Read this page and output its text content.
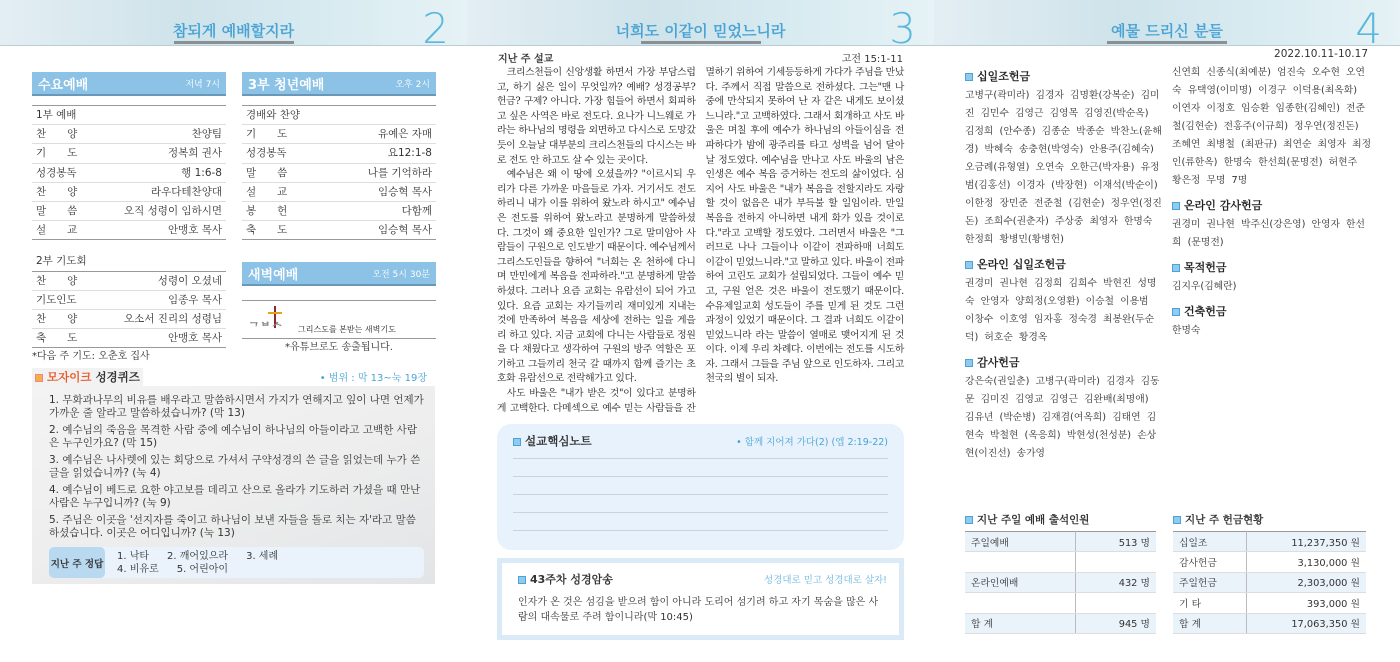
참되게 예배할지라	2
수요예배	저녁 7시
1부 예배
찬　　양	찬양팀
기　　도	정복희 권사
성경봉독	행 1:6-8
찬　　양	라우다테찬양대
말　　씀	오직 성령이 임하시면
설　　교	안맹호 목사
2부 기도회
찬　　양	성령이 오셨네
기도인도	임종우 목사
찬　　양	오소서 진리의 성령님
축　　도	안맹호 목사
*다음 주 기도: 오춘호 집사
3부 청년예배	오후 2시
경배와 찬양
기　　도	유예은 자매
성경봉독	요12:1-8
말　　씀	나를 기억하라
설　　교	임승혁 목사
봉　　헌	다함께
축　　도	임승혁 목사
새벽예배	오전 5시 30분
ᄀᄇᄉ 그리스도를 본받는 새벽기도
*유튜브로도 송출됩니다.
모자이크 성경퀴즈	• 범위 : 막 13~눅 19장
1. 무화과나무의 비유를 배우라고 말씀하시면서 가지가 연해지고 잎이 나면 언제가 가까운 줄 알라고 말씀하셨습니까? (막 13)
2. 예수님의 죽음을 목격한 사람 중에 예수님이 하나님의 아들이라고 고백한 사람은 누구인가요? (막 15)
3. 예수님은 나사렛에 있는 회당으로 가셔서 구약성경의 쓴 글을 읽었는데 누가 쓴 글을 읽었습니까? (눅 4)
4. 예수님이 베드로 요한 야고보를 데리고 산으로 올라가 기도하러 가셨을 때 만난 사람은 누구입니까? (눅 9)
5. 주님은 이곳을 '선지자를 죽이고 하나님이 보낸 자들을 돌로 치는 자'라고 말씀하셨습니다. 이곳은 어디입니까? (눅 13)
지난 주 정답
1. 낙타 2. 깨어있으라 3. 세례
4. 비유로 5. 어린아이
너희도 이같이 믿었느니라	3
지난 주 설교	고전 15:1-11

크리스천들이 신앙생활 하면서 가장 부담스럽고, 하기 싫은 일이 무엇일까? 예배? 성경공부? 헌금? 구제? 아니다. 가장 힘들어 하면서 회피하고 싶은 사역은 바로 전도다. 요나가 니느웨로 가라는 하나님의 명령을 외면하고 다시스로 도망갔듯이 오늘날 대부분의 크리스천들의 다시스는 바로 전도 안 하고도 살 수 있는 곳이다.

예수님은 왜 이 땅에 오셨을까? "이르시되 우리가 다른 가까운 마을들로 가자. 거기서도 전도하리니 내가 이를 위하여 왔노라 하시고" 예수님은 전도를 위하여 왔노라고 분명하게 말씀하셨다. 그것이 왜 중요한 일인가? 그로 말미암아 사람들이 구원으로 인도받기 때문이다. 예수님께서 그리스도인들을 향하여 "너희는 온 천하에 다니며 만민에게 복음을 전파하라."고 분명하게 말씀하셨다. 그러나 요즘 교회는 유람선이 되어 가고 있다. 요즘 교회는 자기들끼리 재미있게 지내는 것에 만족하여 복음을 세상에 전하는 일을 게을리 하고 있다. 지금 교회에 다니는 사람들로 정원을 다 채웠다고 생각하여 구원의 방주 역할은 포기하고 그들끼리 천국 갈 때까지 함께 즐기는 초호화 유람선으로 전락해가고 있다.

사도 바울은 "내가 받은 것"이 있다고 분명하게 고백한다. 다메섹으로 예수 믿는 사람들을 잔멸하기 위하여 기세등등하게 가다가 주님을 만났다. 주께서 직접 말씀으로 전하셨다. 그는"맨 나중에 만삭되지 못하여 난 자 같은 내게도 보이셨느니라."고 고백하였다. 그래서 회개하고 사도 바울은 며칠 후에 예수가 하나님의 아들이심을 전파하다가 밤에 광주리를 타고 성벽을 넘어 달아날 정도였다. 예수님을 만나고 사도 바울의 남은 인생은 예수 복음 증거하는 전도의 삶이었다. 심지어 사도 바울은 "내가 복음을 전할지라도 자랑할 것이 없음은 내가 부득불 할 일임이라. 만일 복음을 전하지 아니하면 내게 화가 있을 것이로다."라고 고백할 정도였다. 그러면서 바울은 "그러므로 나나 그들이나 이같이 전파하매 너희도 이같이 믿었느니라."고 말하고 있다. 바울이 전파하여 고린도 교회가 설립되었다. 그들이 예수 믿고, 구원 얻은 것은 바울이 전도했기 때문이다. 수유제일교회 성도들이 주를 믿게 된 것도 그런 과정이 있었기 때문이다. 그 결과 너희도 이같이 믿었느니라 라는 말씀이 열매로 맺어지게 된 것이다. 이제 우리 차례다. 이번에는 전도를 시도하자. 그래서 그들을 주님 앞으로 인도하자. 그리고 천국의 별이 되자.

설교핵심노트	• 함께 지어져 가다(2) (엡 2:19-22)
43주차 성경암송	성경대로 믿고 성경대로 살자!
인자가 온 것은 섬김을 받으려 함이 아니라 도리어 섬기려 하고 자기 목숨을 많은 사람의 대속물로 주려 함이니라(막 10:45)
예물 드리신 분들	4
2022.10.11-10.17
십일조헌금
고병구(곽미라) 김경자 김명환(강복순) 김미진 김민수 김영근 김영목 김영진(박순옥) 김정희 (안수종) 김종순 박종순 박찬노(윤해경) 박혜숙 송충현(박영숙) 안용주(김혜숙) 오금례(유형열) 오연숙 오한근(박자용) 유정범(김홍선) 이경자 (박장현) 이재석(박순이) 이한정 장민준 전준철 (김현순) 정우연(정진돈) 조희수(권춘자) 주상중 최영자 한명숙 한정희 황병민(황병헌)
온라인 십일조헌금
권경미 권나현 김정희 김희수 박현진 성명숙 안영자 양희정(오영환) 이승철 이용범 이창수 이호영 임자홍 정숙경 최봉완(두순덕) 허호순 황경옥
감사헌금
강은숙(권일춘) 고병구(곽미라) 김경자 김동문 김미진 김영교 김영근 김완배(최명애) 김유년 (박순병) 김재겸(여옥희) 김태연 김현숙 박철현 (옥응희) 박현성(천성분) 손상현(이진선) 송가영
신연희 신종식(최예분) 엄진숙 오수현 오연숙 유택영(이미명) 이경구 이덕용(최옥화) 이연자 이정호 임승환 임종한(김혜인) 전준철(김현순) 전홍주(이규희) 정우연(정진돈) 조혜연 최병철 (최판규) 최연순 최영자 최정인(류한옥) 한명숙 한선희(문명전) 허현주 황은정 무명 7명
온라인 감사헌금
권경미 권나현 박주신(강은영) 안영자 한선희 (문명전)
목적헌금
김지우(김혜란)
건축헌금
한명숙
지난 주일 예배 출석인원
주일예배	513 명

온라인예배	432 명

합 계	945 명
지난 주 헌금현황
십일조	11,237,350 원
감사헌금	3,130,000 원
주일헌금	2,303,000 원
기 타	393,000 원
합 계	17,063,350 원
